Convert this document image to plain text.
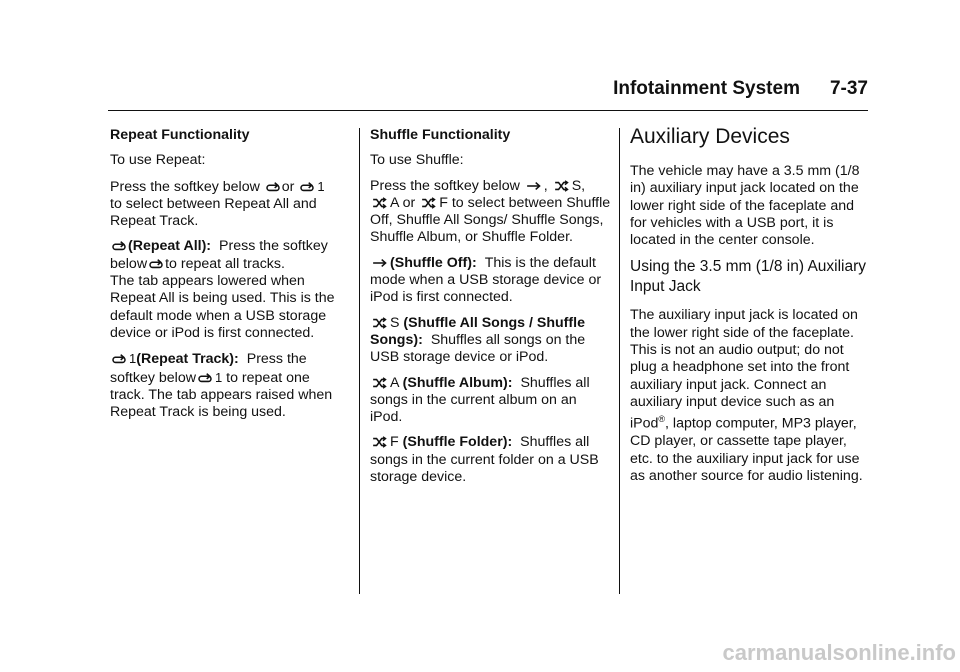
Infotainment System 7-37

Repeat Functionality

To use Repeat:

Press the softkey below or 1
to select between Repeat All and Repeat Track.

(Repeat All): Press the softkey
below to repeat all tracks.
The tab appears lowered when Repeat All is being used. This is the default mode when a USB storage device or iPod is first connected.

1(Repeat Track): Press the
softkey below 1 to repeat one
track. The tab appears raised when Repeat Track is being used.

Shuffle Functionality

To use Shuffle:

Press the softkey below , S,

A or F to select between Shuffle Off, Shuffle All Songs/ Shuffle Songs, Shuffle Album, or Shuffle Folder.

(Shuffle Off): This is the default mode when a USB storage device or iPod is first connected.

S (Shuffle All Songs / Shuffle Songs): Shuffles all songs on the USB storage device or iPod.

A (Shuffle Album): Shuffles all songs in the current album on an iPod.

F (Shuffle Folder): Shuffles all songs in the current folder on a USB storage device.

Auxiliary Devices

The vehicle may have a 3.5 mm (1/8 in) auxiliary input jack located on the lower right side of the faceplate and for vehicles with a USB port, it is located in the center console.

Using the 3.5 mm (1/8 in) Auxiliary Input Jack

The auxiliary input jack is located on the lower right side of the faceplate. This is not an audio output; do not plug a headphone set into the front auxiliary input jack. Connect an auxiliary input device such as an iPod®, laptop computer, MP3 player, CD player, or cassette tape player, etc. to the auxiliary input jack for use as another source for audio listening.

carmanualsonline.info
